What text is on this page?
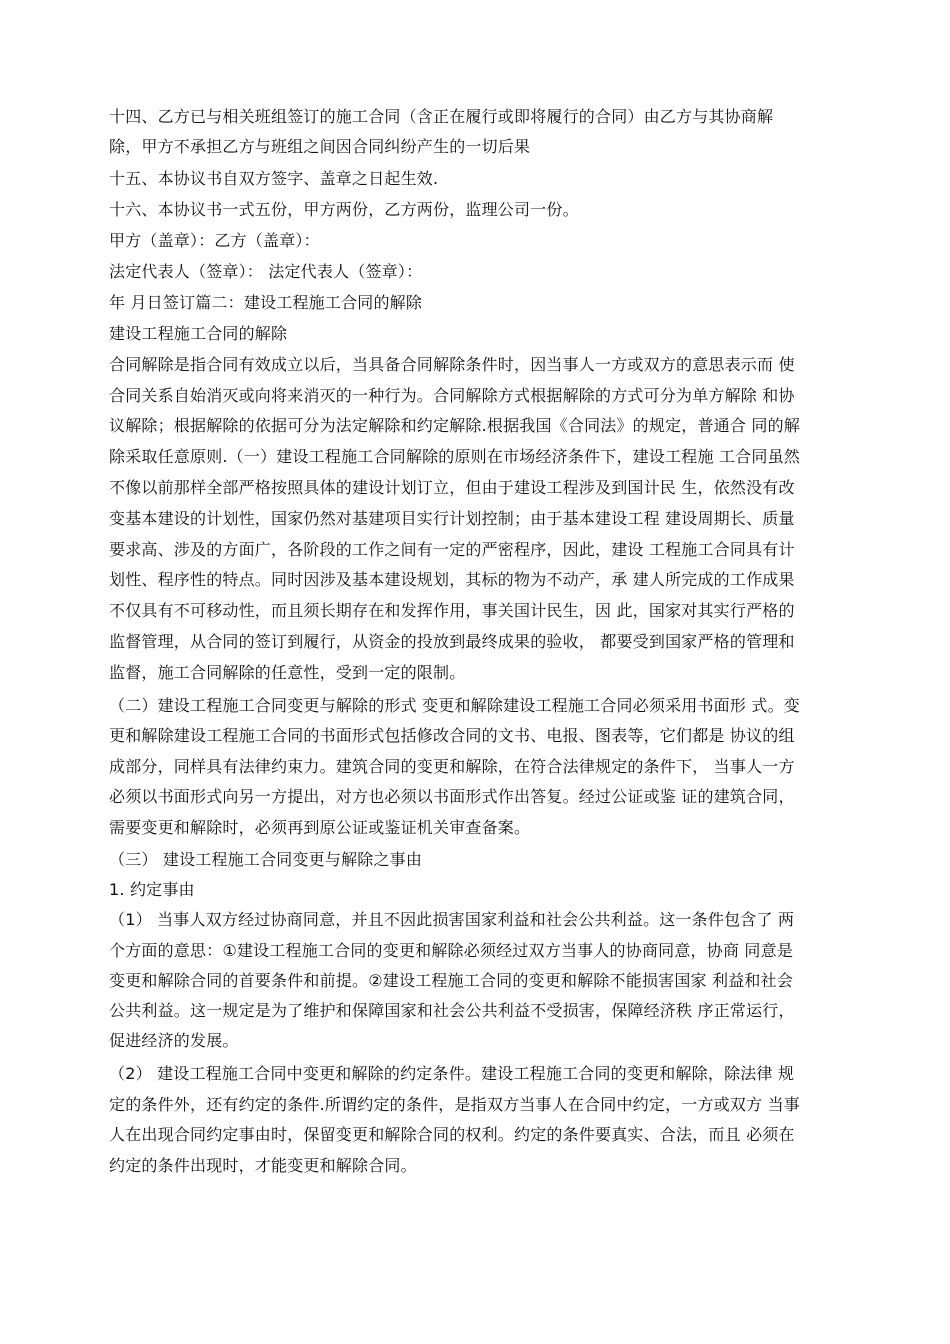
十四、乙方已与相关班组签订的施工合同（含正在履行或即将履行的合同）由乙方与其协商解
除，甲方不承担乙方与班组之间因合同纠纷产生的一切后果
十五、本协议书自双方签字、盖章之日起生效.
十六、本协议书一式五份，甲方两份，乙方两份，监理公司一份。
甲方（盖章）：乙方（盖章）：
法定代表人（签章）： 法定代表人（签章）：
年 月日签订篇二：建设工程施工合同的解除
建设工程施工合同的解除
合同解除是指合同有效成立以后，当具备合同解除条件时，因当事人一方或双方的意思表示而 使
合同关系自始消灭或向将来消灭的一种行为。合同解除方式根据解除的方式可分为单方解除 和协
议解除；根据解除的依据可分为法定解除和约定解除.根据我国《合同法》的规定，普通合 同的解
除采取任意原则.（一）建设工程施工合同解除的原则在市场经济条件下，建设工程施 工合同虽然
不像以前那样全部严格按照具体的建设计划订立，但由于建设工程涉及到国计民 生，依然没有改
变基本建设的计划性，国家仍然对基建项目实行计划控制；由于基本建设工程 建设周期长、质量
要求高、涉及的方面广，各阶段的工作之间有一定的严密程序，因此，建设 工程施工合同具有计
划性、程序性的特点。同时因涉及基本建设规划，其标的物为不动产，承 建人所完成的工作成果
不仅具有不可移动性，而且须长期存在和发挥作用，事关国计民生，因 此，国家对其实行严格的
监督管理，从合同的签订到履行，从资金的投放到最终成果的验收， 都要受到国家严格的管理和
监督，施工合同解除的任意性，受到一定的限制。
（二）建设工程施工合同变更与解除的形式 变更和解除建设工程施工合同必须采用书面形 式。变
更和解除建设工程施工合同的书面形式包括修改合同的文书、电报、图表等，它们都是 协议的组
成部分，同样具有法律约束力。建筑合同的变更和解除，在符合法律规定的条件下， 当事人一方
必须以书面形式向另一方提出，对方也必须以书面形式作出答复。经过公证或鉴 证的建筑合同，
需要变更和解除时，必须再到原公证或鉴证机关审查备案。
（三） 建设工程施工合同变更与解除之事由
1. 约定事由
（1） 当事人双方经过协商同意，并且不因此损害国家利益和社会公共利益。这一条件包含了 两
个方面的意思：①建设工程施工合同的变更和解除必须经过双方当事人的协商同意，协商 同意是
变更和解除合同的首要条件和前提。②建设工程施工合同的变更和解除不能损害国家 利益和社会
公共利益。这一规定是为了维护和保障国家和社会公共利益不受损害，保障经济秩 序正常运行，
促进经济的发展。
（2） 建设工程施工合同中变更和解除的约定条件。建设工程施工合同的变更和解除，除法律 规
定的条件外，还有约定的条件.所谓约定的条件，是指双方当事人在合同中约定，一方或双方 当事
人在出现合同约定事由时，保留变更和解除合同的权利。约定的条件要真实、合法，而且 必须在
约定的条件出现时，才能变更和解除合同。
